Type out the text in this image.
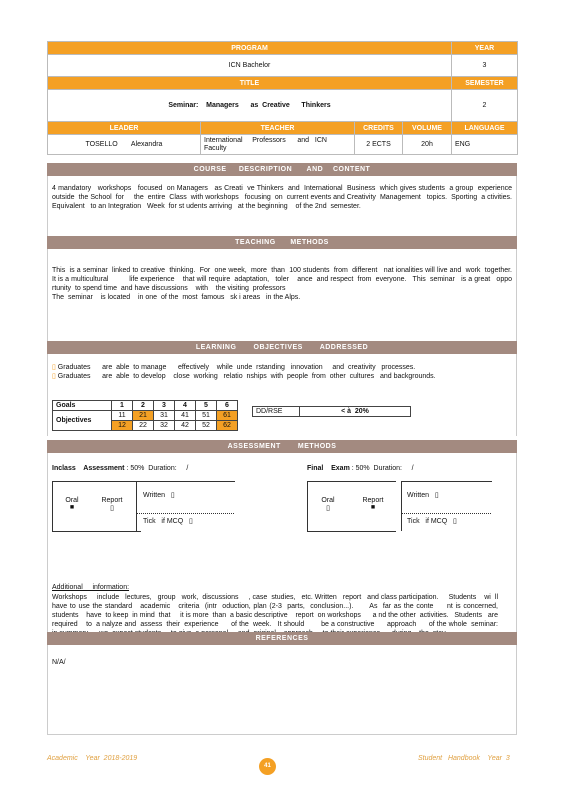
PROGRAM				YEAR
ICN Bachelor				3
TITLE				SEMESTER
Seminar:    Managers      as  Creative      Thinkers				2
LEADER	TEACHER	CREDITS	VOLUME	LANGUAGE
TOSELLO       Alexandra	International     Professors      and   ICN Faculty	2 ECTS	20h	ENG
COURSE     DESCRIPTION      AND    CONTENT
4 mandatory   workshops   focused  on Managers   as Creati  ve Thinkers  and  International  Business  which gives students  a group  experience  outside  the School  for     the  entire  Class  with workshops   focusing  on  current events and Creativity  Management   topics.  Sporting  a ctivities.  Equivalent   to an Integration   Week  for st udents arriving   at the beginning    of the 2nd  semester.
TEACHING      METHODS
This  is a seminar  linked to creative  thinking.  For  one week,  more  than  100 students  from  different   nat ionalities will live and  work  together.   It is a multicultural          life experience    that will require  adaptation,   toler    ance  and respect  from  everyone.   This  seminar   is a great   oppo      rtunity  to spend time  and have discussions    with    the visiting  professors
The  seminar    is located    in one  of the  most  famous   sk i areas   in the Alps.
LEARNING       OBJECTIVES       ADDRESSED
▯ Graduates      are  able  to manage      effectively    while  unde  rstanding   innovation     and  creativity   processes.
▯ Graduates      are  able  to develop    close  working   relatio  nships  with  people  from  other  cultures   and backgrounds.
Goals	1	2	3	4	5	6
Objectives	11	21	31	41	51	61
	12	22	32	42	52	62
DD/RSE	< à  20%
ASSESSMENT       METHODS
Inclass    Assessment : 50%  Duration:     /	Final    Exam : 50%  Duration:     /
Oral
■
Report
▯
Written ▯
Tick   if MCQ ▯
Oral
▯
Report
■
Written ▯
Tick   if MCQ ▯
Additional     information:
Workshops     include   lectures,   group   work,  discussions     , case  studies,   etc. Written   report   and class participation.     Students    wi  ll have to use the standard   academic   criteria  (intr  oduction, plan (2-3  parts,  conclusion...).      As  far as the conte     nt is concerned,    students    have  to keep  in mind  that     it is more  than  a basic descriptive    report  on workshops      a nd the other  activities.   Students   are  required    to  a nalyze and  assess  their  experience      of the  week.   It should        be a constructive      approach      of the whole  seminar:
REFERENCES
N/A/
Academic    Year  2018-2019
41
Student   Handbook    Year  3
